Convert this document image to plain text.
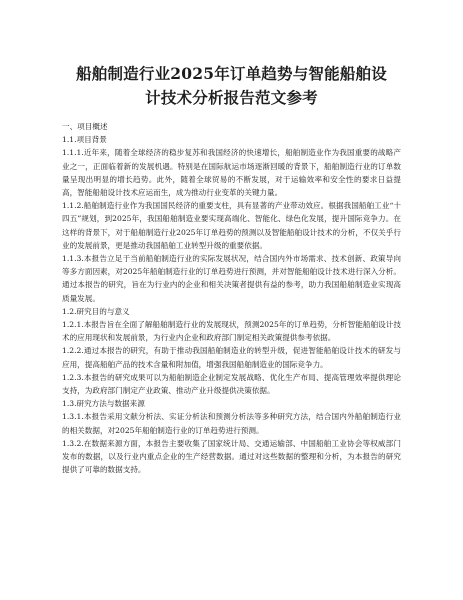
船舶制造行业2025年订单趋势与智能船舶设
计技术分析报告范文参考

一、项目概述

1.1.项目背景

1.1.1.近年来，随着全球经济的稳步复苏和我国经济的快速增长，船舶制造业作为我国重要的战略产业之一，正面临着新的发展机遇。特别是在国际航运市场逐渐回暖的背景下，船舶制造行业的订单数量呈现出明显的增长趋势。此外，随着全球贸易的不断发展，对于运输效率和安全性的要求日益提高，智能船舶设计技术应运而生，成为推动行业变革的关键力量。

1.1.2.船舶制造行业作为我国国民经济的重要支柱，具有显著的产业带动效应。根据我国船舶工业“十四五”规划，到2025年，我国船舶制造业要实现高端化、智能化、绿色化发展，提升国际竞争力。在这样的背景下，对于船舶制造行业2025年订单趋势的预测以及智能船舶设计技术的分析，不仅关乎行业的发展前景，更是推动我国船舶工业转型升级的重要依据。

1.1.3.本报告立足于当前船舶制造行业的实际发展状况，结合国内外市场需求、技术创新、政策导向等多方面因素，对2025年船舶制造行业的订单趋势进行预测，并对智能船舶设计技术进行深入分析。通过本报告的研究，旨在为行业内的企业和相关决策者提供有益的参考，助力我国船舶制造业实现高质量发展。

1.2.研究目的与意义

1.2.1.本报告旨在全面了解船舶制造行业的发展现状，预测2025年的订单趋势，分析智能船舶设计技术的应用现状和发展前景，为行业内企业和政府部门制定相关政策提供参考依据。

1.2.2.通过本报告的研究，有助于推动我国船舶制造业的转型升级，促进智能船舶设计技术的研发与应用，提高船舶产品的技术含量和附加值，增强我国船舶制造业的国际竞争力。

1.2.3.本报告的研究成果可以为船舶制造企业制定发展战略、优化生产布局、提高管理效率提供理论支持，为政府部门制定产业政策、推动产业升级提供决策依据。

1.3.研究方法与数据来源

1.3.1.本报告采用文献分析法、实证分析法和预测分析法等多种研究方法，结合国内外船舶制造行业的相关数据，对2025年船舶制造行业的订单趋势进行预测。

1.3.2.在数据来源方面，本报告主要收集了国家统计局、交通运输部、中国船舶工业协会等权威部门发布的数据，以及行业内重点企业的生产经营数据。通过对这些数据的整理和分析，为本报告的研究提供了可靠的数据支持。
